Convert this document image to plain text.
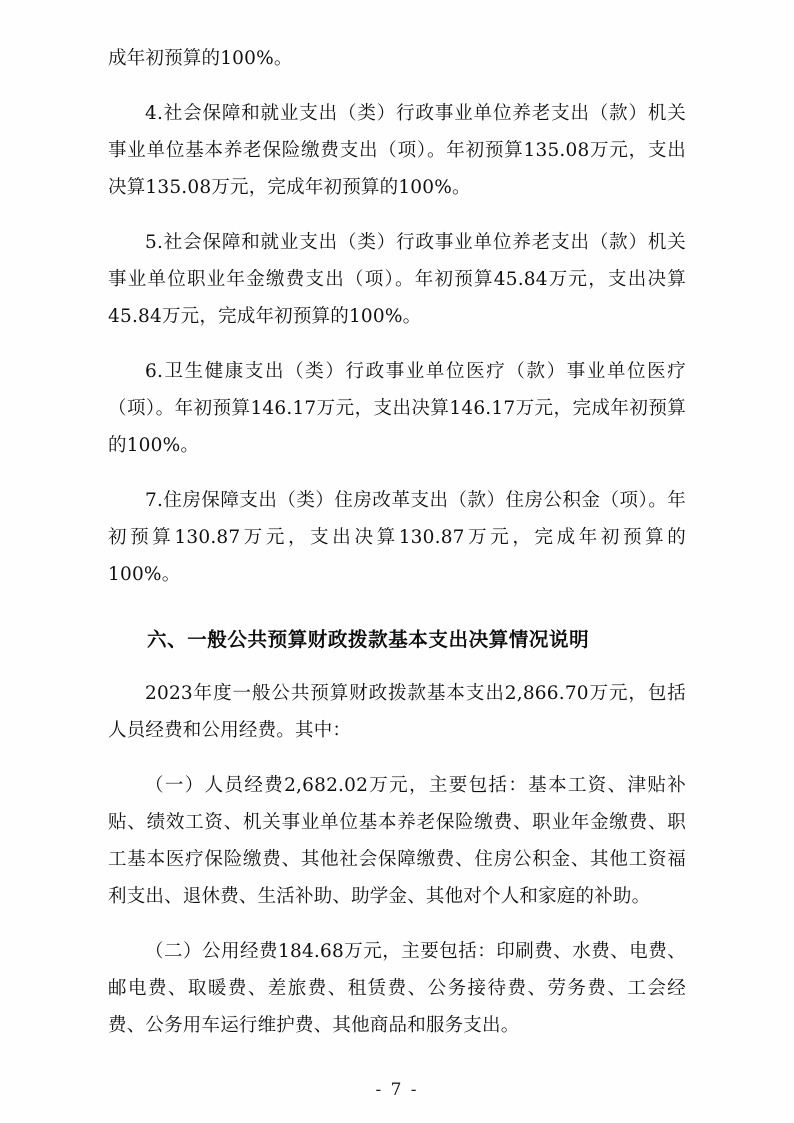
成年初预算的100%。

4.社会保障和就业支出（类）行政事业单位养老支出（款）机关事业单位基本养老保险缴费支出（项）。年初预算135.08万元，支出决算135.08万元，完成年初预算的100%。

5.社会保障和就业支出（类）行政事业单位养老支出（款）机关事业单位职业年金缴费支出（项）。年初预算45.84万元，支出决算45.84万元，完成年初预算的100%。

6.卫生健康支出（类）行政事业单位医疗（款）事业单位医疗（项）。年初预算146.17万元，支出决算146.17万元，完成年初预算的100%。

7.住房保障支出（类）住房改革支出（款）住房公积金（项）。年初预算130.87万元，支出决算130.87万元，完成年初预算的100%。

六、一般公共预算财政拨款基本支出决算情况说明

2023年度一般公共预算财政拨款基本支出2,866.70万元，包括人员经费和公用经费。其中：

（一）人员经费2,682.02万元，主要包括：基本工资、津贴补贴、绩效工资、机关事业单位基本养老保险缴费、职业年金缴费、职工基本医疗保险缴费、其他社会保障缴费、住房公积金、其他工资福利支出、退休费、生活补助、助学金、其他对个人和家庭的补助。

（二）公用经费184.68万元，主要包括：印刷费、水费、电费、邮电费、取暖费、差旅费、租赁费、公务接待费、劳务费、工会经费、公务用车运行维护费、其他商品和服务支出。

- 7 -
